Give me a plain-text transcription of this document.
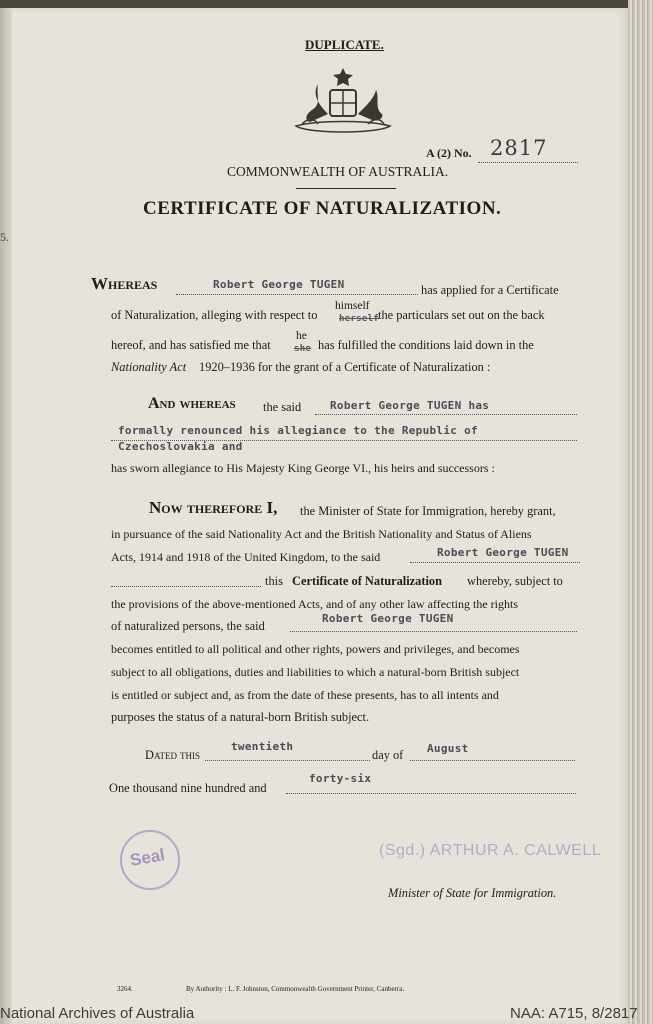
DUPLICATE.
A (2) No. 2817
COMMONWEALTH OF AUSTRALIA.
CERTIFICATE OF NATURALIZATION.
5.
Whereas	Robert George TUGEN	has applied for a Certificate
of Naturalization, alleging with respect to
himself
herself
the particulars set out on the back
hereof, and has satisfied me that
he
she has fulfilled the conditions laid down in the
Nationality Act 1920–1936 for the grant of a Certificate of Naturalization :
And whereas the said	Robert George TUGEN has
formally renounced his allegiance to the Republic of
Czechoslovakia and
has sworn allegiance to His Majesty King George VI., his heirs and successors :
Now therefore I, the Minister of State for Immigration, hereby grant,
in pursuance of the said Nationality Act and the British Nationality and Status of Aliens
Acts, 1914 and 1918 of the United Kingdom, to the said	Robert George TUGEN
this Certificate of Naturalization whereby, subject to
the provisions of the above-mentioned Acts, and of any other law affecting the rights
of naturalized persons, the said
Robert George TUGEN
becomes entitled to all political and other rights, powers and privileges, and becomes
subject to all obligations, duties and liabilities to which a natural-born British subject
is entitled or subject and, as from the date of these presents, has to all intents and
purposes the status of a natural-born British subject.
Dated this
twentieth
day of August
One thousand nine hundred and
forty-six
Seal	(Sgd.) ARTHUR A. CALWELL
Minister of State for Immigration.
3264.	By Authority : L. F. Johnston, Commonwealth Government Printer, Canberra.
National Archives of Australia	NAA: A715, 8/2817
